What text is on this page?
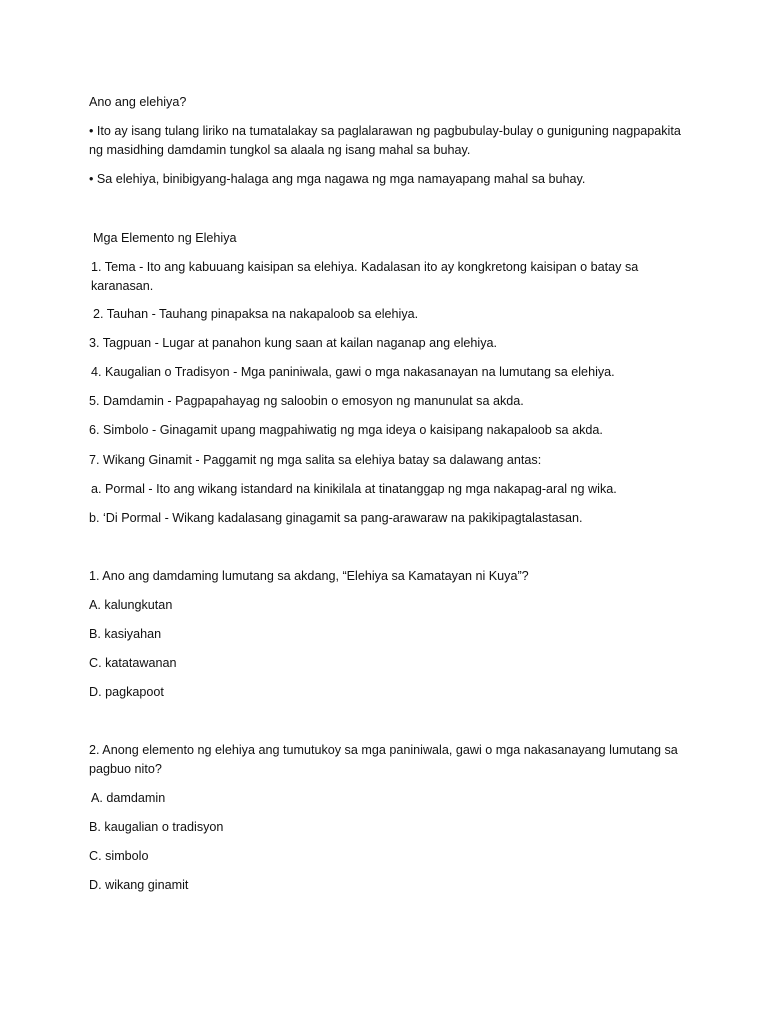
Ano ang elehiya?

• Ito ay isang tulang liriko na tumatalakay sa paglalarawan ng pagbubulay-bulay o guniguning nagpapakita ng masidhing damdamin tungkol sa alaala ng isang mahal sa buhay.

• Sa elehiya, binibigyang-halaga ang mga nagawa ng mga namayapang mahal sa buhay.

Mga Elemento ng Elehiya

1. Tema - Ito ang kabuuang kaisipan sa elehiya. Kadalasan ito ay kongkretong kaisipan o batay sa karanasan.

2. Tauhan - Tauhang pinapaksa na nakapaloob sa elehiya.

3. Tagpuan - Lugar at panahon kung saan at kailan naganap ang elehiya.

4. Kaugalian o Tradisyon - Mga paniniwala, gawi o mga nakasanayan na lumutang sa elehiya.

5. Damdamin - Pagpapahayag ng saloobin o emosyon ng manunulat sa akda.

6. Simbolo - Ginagamit upang magpahiwatig ng mga ideya o kaisipang nakapaloob sa akda.

7. Wikang Ginamit - Paggamit ng mga salita sa elehiya batay sa dalawang antas:

a. Pormal - Ito ang wikang istandard na kinikilala at tinatanggap ng mga nakapag-aral ng wika.

b. ‘Di Pormal - Wikang kadalasang ginagamit sa pang-arawaraw na pakikipagtalastasan.

1. Ano ang damdaming lumutang sa akdang, “Elehiya sa Kamatayan ni Kuya”?

A. kalungkutan

B. kasiyahan

C. katatawanan

D. pagkapoot

2. Anong elemento ng elehiya ang tumutukoy sa mga paniniwala, gawi o mga nakasanayang lumutang sa pagbuo nito?

A. damdamin

B. kaugalian o tradisyon

C. simbolo

D. wikang ginamit
